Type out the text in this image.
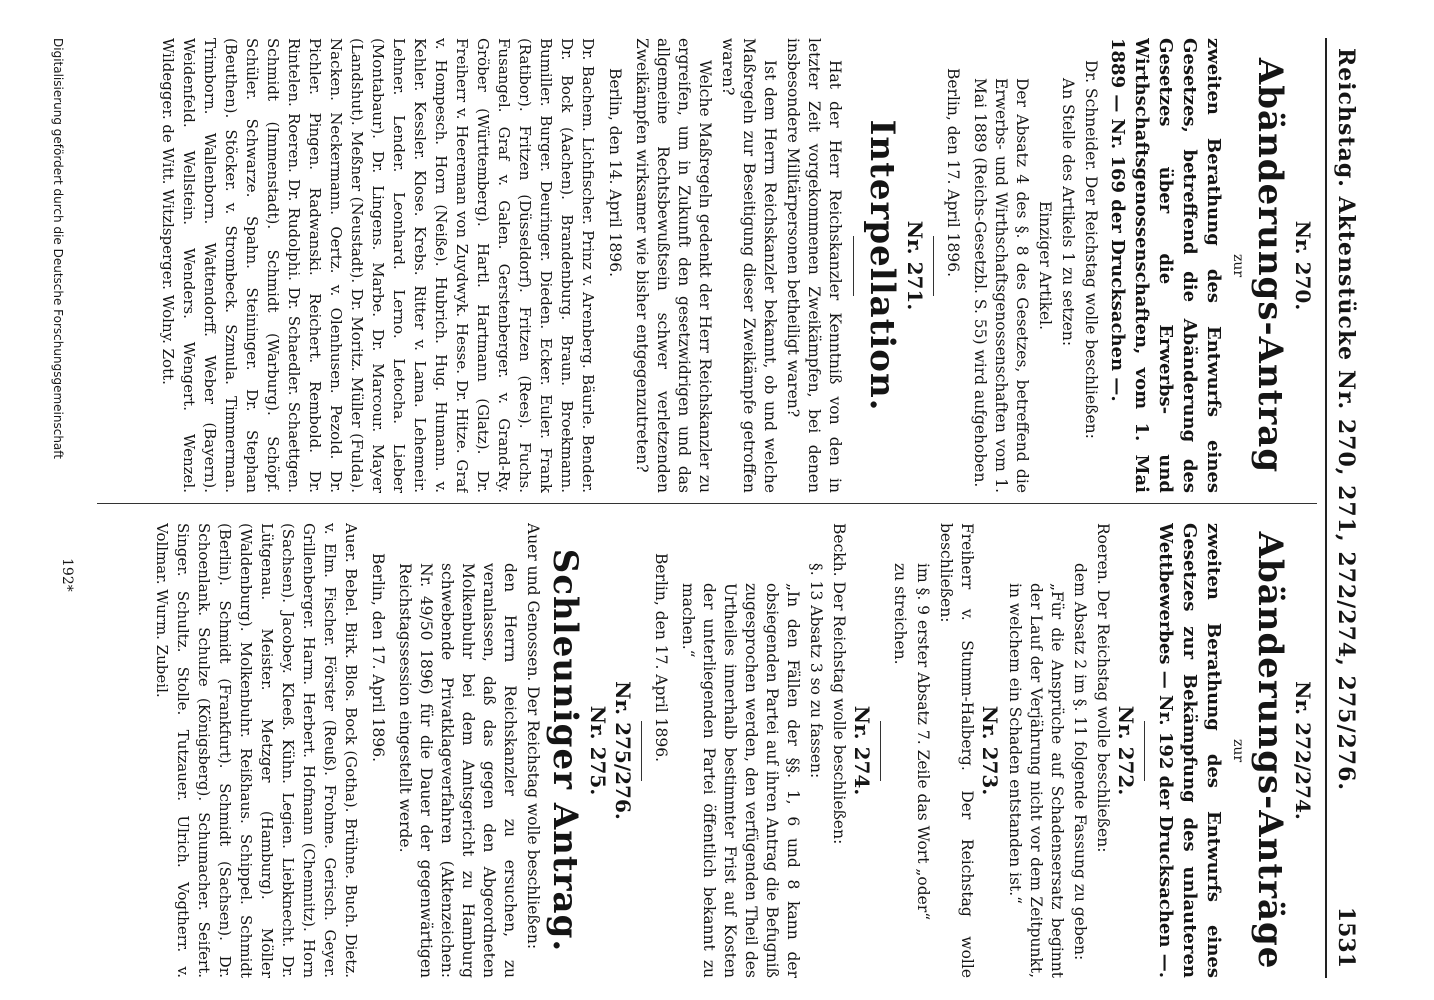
Reichstag. Aktenstücke Nr. 270, 271, 272/274, 275/276.
1531
Nr. 270.
Abänderungs-Antrag
zur
zweiten Berathung des Entwurfs eines Gesetzes, betreffend die Abänderung des Gesetzes über die Erwerbs- und Wirthschaftsgenossenschaften, vom 1. Mai 1889 — Nr. 169 der Drucksachen —.

Dr. Schneider. Der Reichstag wolle beschließen:

An Stelle des Artikels 1 zu setzen:

Einziger Artikel.

Der Absatz 4 des §. 8 des Gesetzes, betreffend die Erwerbs- und Wirthschaftsgenossenschaften vom 1. Mai 1889 (Reichs-Gesetzbl. S. 55) wird aufgehoben.

Berlin, den 17. April 1896.

Nr. 271.
Interpellation.

Hat der Herr Reichskanzler Kenntniß von den in letzter Zeit vorgekommenen Zweikämpfen, bei denen insbesondere Militärpersonen betheiligt waren?

Ist dem Herrn Reichskanzler bekannt, ob und welche Maßregeln zur Beseitigung dieser Zweikämpfe getroffen waren?

Welche Maßregeln gedenkt der Herr Reichskanzler zu ergreifen, um in Zukunft den gesetzwidrigen und das allgemeine Rechtsbewußtsein schwer verletzenden Zweikämpfen wirksamer wie bisher entgegenzutreten?

Berlin, den 14. April 1896.

Dr. Bachem. Lichfischer. Prinz v. Arenberg. Bäurle. Bender. Dr. Bock (Aachen). Brandenburg. Braun. Broekmann. Bumiller. Burger. Deuringer. Dieden. Ecker. Euler. Frank (Ratibor). Fritzen (Düsseldorf). Fritzen (Rees). Fuchs. Fusangel. Graf v. Galen. Gerstenberger. v. Grand-Ry. Gröber (Württemberg). Hartl. Hartmann (Glatz). Dr. Freiherr v. Heereman von Zuydwyk. Hesse. Dr. Hitze. Graf v. Hompesch. Horn (Neiße). Hubrich. Hug. Humann. v. Kehler. Kessler. Klose. Krebs. Ritter v. Lama. Lehemeir. Lehner. Lender. Leonhard. Lerno. Letocha. Lieber (Montabaur). Dr. Lingens. Marbe. Dr. Marcour. Mayer (Landshut). Meßner (Neustadt). Dr. Moritz. Müller (Fulda). Nacken. Neckermann. Oertz. v. Olenhusen. Pezold. Dr. Pichler. Pingen. Radwanski. Reichert. Rembold. Dr. Rintelen. Roeren. Dr. Rudolphi. Dr. Schaedler. Schaettgen. Schmidt (Immenstadt). Schmidt (Warburg). Schöpf. Schüler. Schwarze. Spahn. Steininger. Dr. Stephan (Beuthen). Stöcker. v. Strombeck. Szmula. Timmerman. Trimborn. Wallenborn. Wattendorff. Weber (Bayern). Weidenfeld. Wellstein. Wenders. Wengert. Wenzel. Wildegger. de Witt. Witzlsperger. Wolny. Zott.

Nr. 272/274.
Abänderungs-Anträge
zur
zweiten Berathung des Entwurfs eines Gesetzes zur Bekämpfung des unlauteren Wettbewerbes — Nr. 192 der Drucksachen —.
Nr. 272.

Roeren. Der Reichstag wolle beschließen:

dem Absatz 2 im §. 11 folgende Fassung zu geben:

„Für die Ansprüche auf Schadensersatz beginnt der Lauf der Verjährung nicht vor dem Zeitpunkt, in welchem ein Schaden entstanden ist.“

Nr. 273.

Freiherr v. Stumm-Halberg. Der Reichstag wolle beschließen:

im §. 9 erster Absatz 7. Zeile das Wort „oder“

zu streichen.

Nr. 274.

Beckh. Der Reichstag wolle beschließen:

§. 13 Absatz 3 so zu fassen:

„In den Fällen der §§. 1, 6 und 8 kann der obsiegenden Partei auf ihren Antrag die Befugniß zugesprochen werden, den verfügenden Theil des Urtheiles innerhalb bestimmter Frist auf Kosten der unterliegenden Partei öffentlich bekannt zu machen.“

Berlin, den 17. April 1896.

Nr. 275/276.
Nr. 275.
Schleuniger Antrag.

Auer und Genossen. Der Reichstag wolle beschließen:

den Herrn Reichskanzler zu ersuchen, zu veranlassen, daß das gegen den Abgeordneten Molkenbuhr bei dem Amtsgericht zu Hamburg schwebende Privatklageverfahren (Aktenzeichen: Nr. 49/50 1896) für die Dauer der gegenwärtigen Reichstagssession eingestellt werde.

Berlin, den 17. April 1896.

Auer. Bebel. Birk. Blos. Bock (Gotha). Brühne. Buch. Dietz. v. Elm. Fischer. Förster (Reuß). Frohme. Gerisch. Geyer. Grillenberger. Harm. Herbert. Hofmann (Chemnitz). Horn (Sachsen). Jacobey. Kleeß. Kühn. Legien. Liebknecht. Dr. Lütgenau. Meister. Metzger (Hamburg). Möller (Waldenburg). Molkenbuhr. Reißhaus. Schippel. Schmidt (Berlin). Schmidt (Frankfurt). Schmidt (Sachsen). Dr. Schoenlank. Schulze (Königsberg). Schumacher. Seifert. Singer. Schultz. Stolle. Tutzauer. Ulrich. Vogtherr. v. Vollmar. Wurm. Zubeil.

192*
Digitalisierung gefördert durch die Deutsche Forschungsgemeinschaft
